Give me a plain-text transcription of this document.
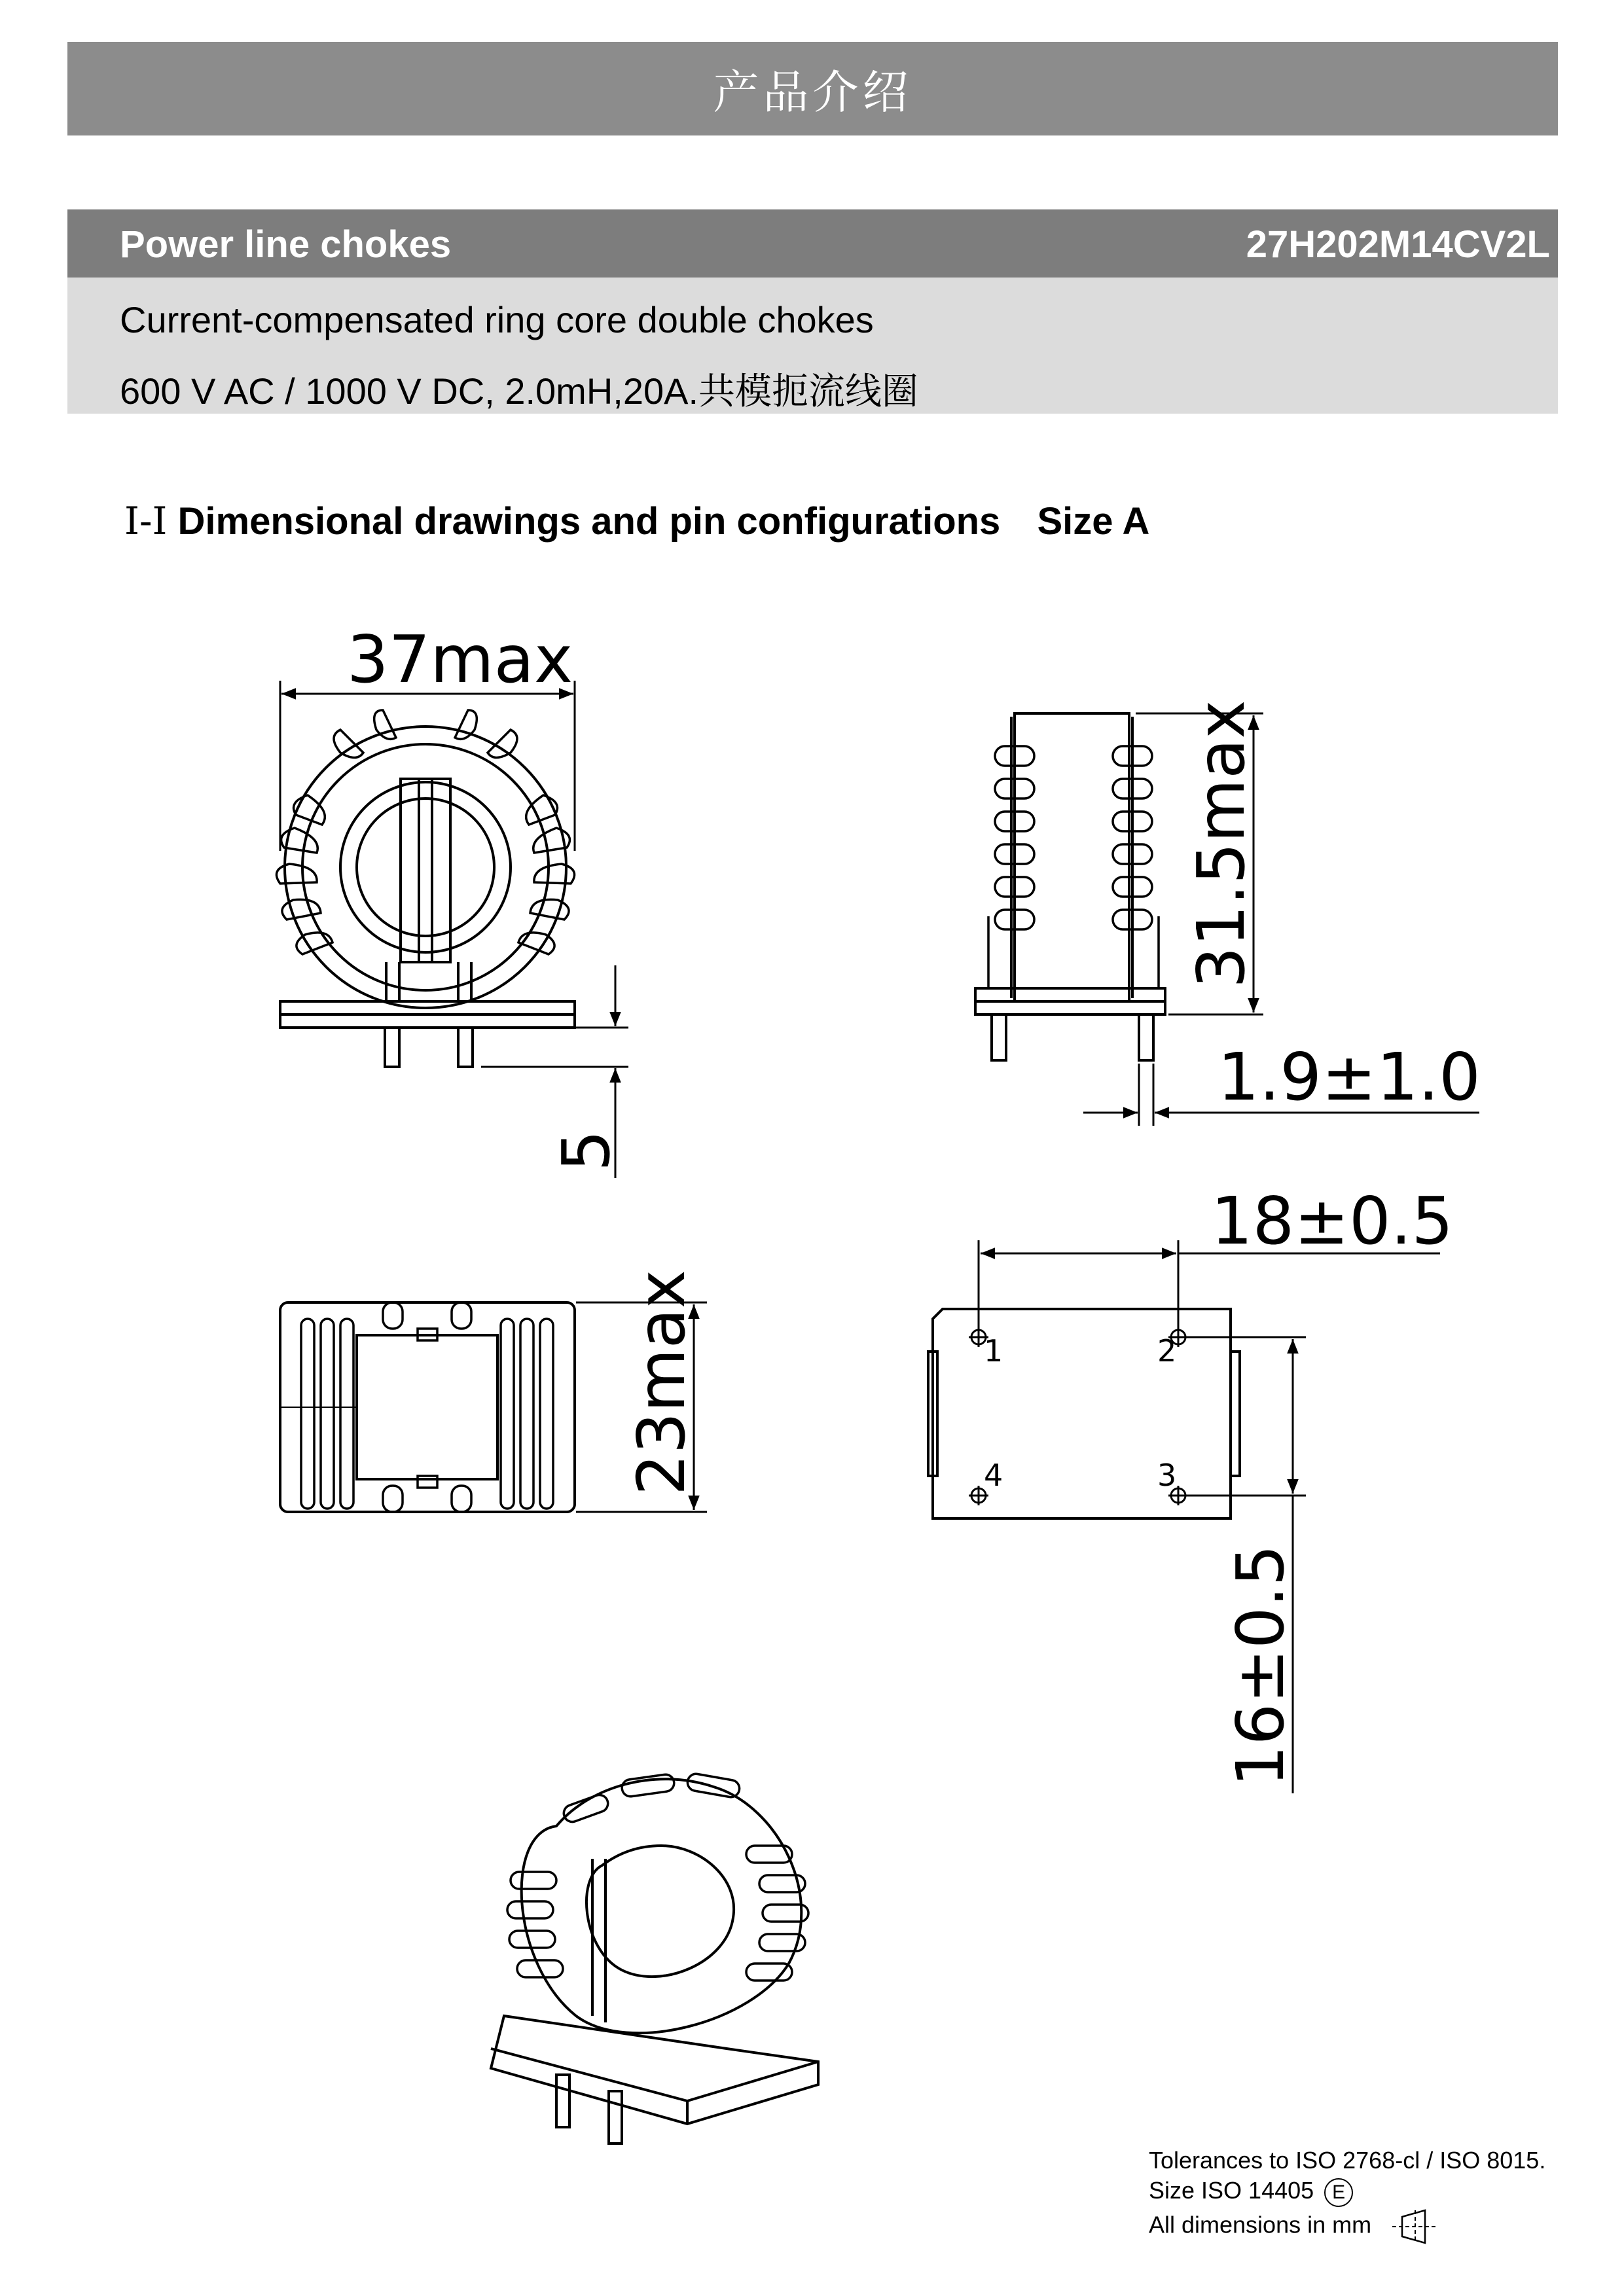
产品介绍
Power line chokes	27H202M14CV2L
Current-compensated ring core double chokes
600 V AC / 1000 V DC, 2.0mH,20A.共模扼流线圈
Ⅰ-Ⅰ Dimensional drawings and pin configurations Size A
37max
5
31.5max
1.9±1.0
23max	1	2
3
4
18±0.5
16±0.5
Tolerances to ISO 2768-cl / ISO 8015.
Size ISO 14405 E
All dimensions in mm
